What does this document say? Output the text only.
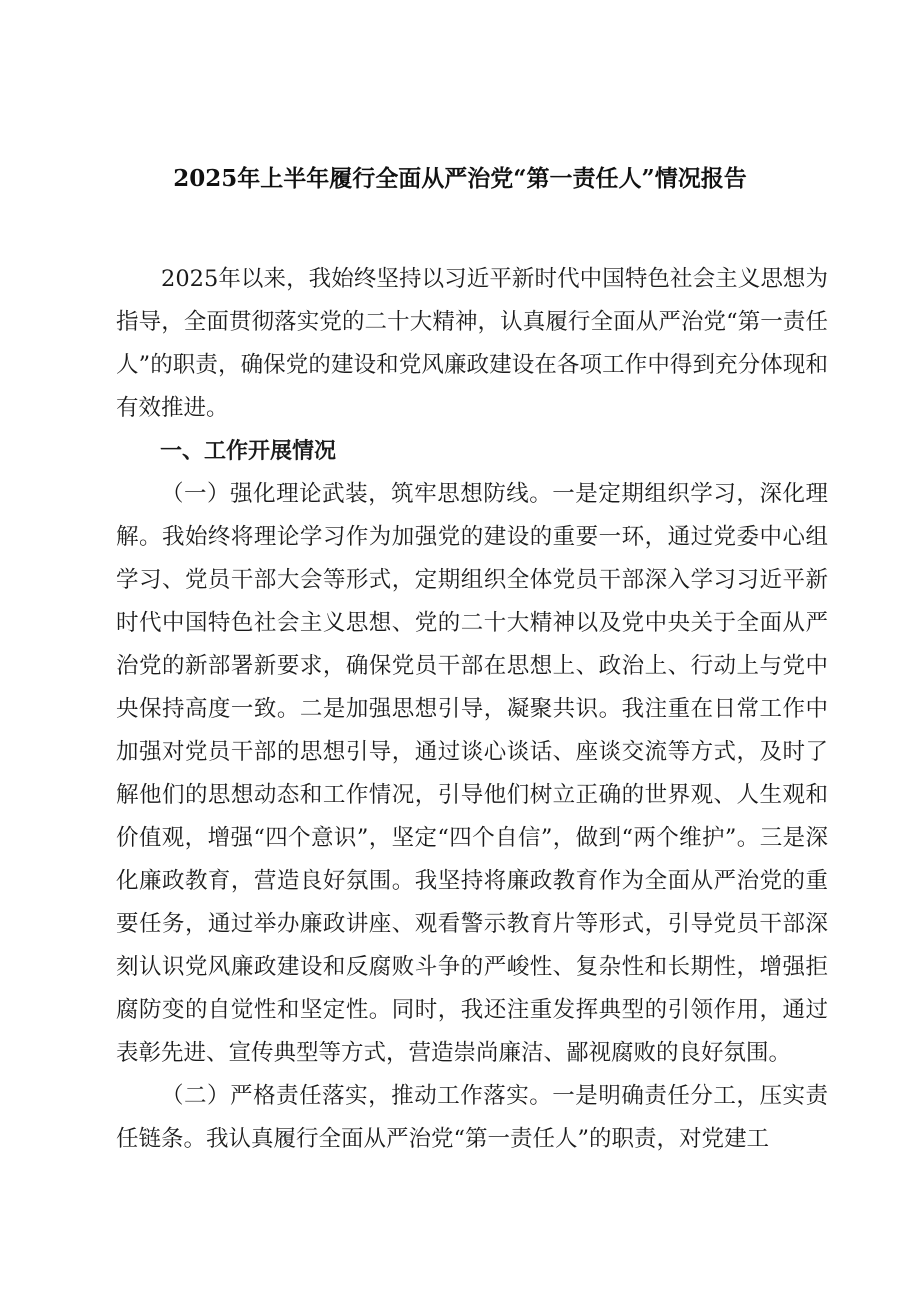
2025年上半年履行全面从严治党“第一责任人”情况报告

2025年以来，我始终坚持以习近平新时代中国特色社会主义思想为指导，全面贯彻落实党的二十大精神，认真履行全面从严治党“第一责任人”的职责，确保党的建设和党风廉政建设在各项工作中得到充分体现和有效推进。

一、工作开展情况

（一）强化理论武装，筑牢思想防线。一是定期组织学习，深化理解。我始终将理论学习作为加强党的建设的重要一环，通过党委中心组学习、党员干部大会等形式，定期组织全体党员干部深入学习习近平新时代中国特色社会主义思想、党的二十大精神以及党中央关于全面从严治党的新部署新要求，确保党员干部在思想上、政治上、行动上与党中央保持高度一致。二是加强思想引导，凝聚共识。我注重在日常工作中加强对党员干部的思想引导，通过谈心谈话、座谈交流等方式，及时了解他们的思想动态和工作情况，引导他们树立正确的世界观、人生观和价值观，增强“四个意识”，坚定“四个自信”，做到“两个维护”。三是深化廉政教育，营造良好氛围。我坚持将廉政教育作为全面从严治党的重要任务，通过举办廉政讲座、观看警示教育片等形式，引导党员干部深刻认识党风廉政建设和反腐败斗争的严峻性、复杂性和长期性，增强拒腐防变的自觉性和坚定性。同时，我还注重发挥典型的引领作用，通过表彰先进、宣传典型等方式，营造崇尚廉洁、鄙视腐败的良好氛围。

（二）严格责任落实，推动工作落实。一是明确责任分工，压实责任链条。我认真履行全面从严治党“第一责任人”的职责，对党建工
